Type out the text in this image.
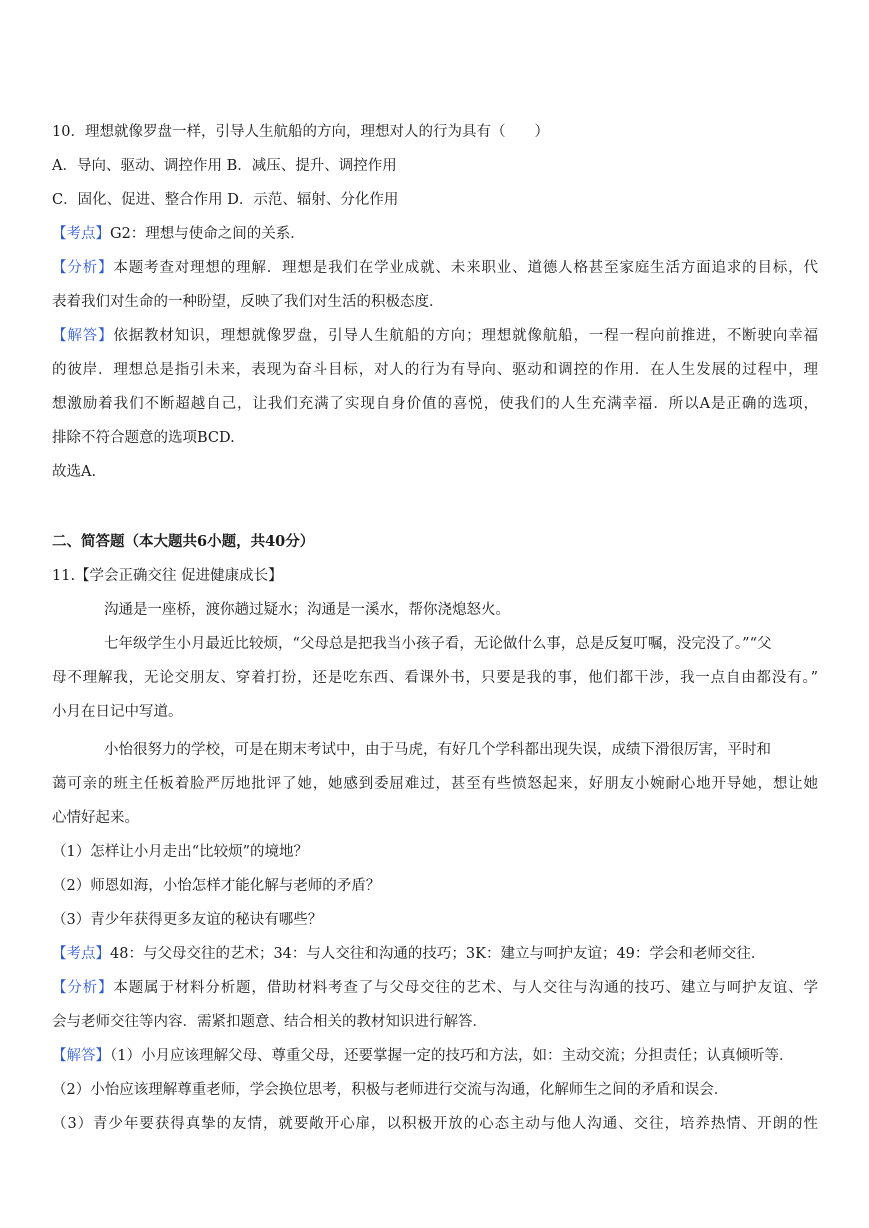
10．理想就像罗盘一样，引导人生航船的方向，理想对人的行为具有（　　）
A．导向、驱动、调控作用 B．减压、提升、调控作用
C．固化、促进、整合作用 D．示范、辐射、分化作用
【考点】G2：理想与使命之间的关系．
【分析】本题考查对理想的理解．理想是我们在学业成就、未来职业、道德人格甚至家庭生活方面追求的目标，代
表着我们对生命的一种盼望，反映了我们对生活的积极态度．
【解答】依据教材知识，理想就像罗盘，引导人生航船的方向；理想就像航船，一程一程向前推进，不断驶向幸福
的彼岸．理想总是指引未来，表现为奋斗目标，对人的行为有导向、驱动和调控的作用．在人生发展的过程中，理
想激励着我们不断超越自己，让我们充满了实现自身价值的喜悦，使我们的人生充满幸福．所以A是正确的选项，
排除不符合题意的选项BCD.
故选A.
二、简答题（本大题共6小题，共40分）
11.【学会正确交往 促进健康成长】
沟通是一座桥，渡你趟过疑水；沟通是一溪水，帮你浇熄怒火。
七年级学生小月最近比较烦，“父母总是把我当小孩子看，无论做什么事，总是反复叮嘱，没完没了。”“父
母不理解我，无论交朋友、穿着打扮，还是吃东西、看课外书，只要是我的事，他们都干涉，我一点自由都没有。”
小月在日记中写道。
小怡很努力的学校，可是在期末考试中，由于马虎，有好几个学科都出现失误，成绩下滑很厉害，平时和
蔼可亲的班主任板着脸严厉地批评了她，她感到委屈难过，甚至有些愤怒起来，好朋友小婉耐心地开导她，想让她
心情好起来。
（1）怎样让小月走出“比较烦”的境地？
（2）师恩如海，小怡怎样才能化解与老师的矛盾？
（3）青少年获得更多友谊的秘诀有哪些？
【考点】48：与父母交往的艺术；34：与人交往和沟通的技巧；3K：建立与呵护友谊；49：学会和老师交往．
【分析】本题属于材料分析题，借助材料考查了与父母交往的艺术、与人交往与沟通的技巧、建立与呵护友谊、学
会与老师交往等内容．需紧扣题意、结合相关的教材知识进行解答．
【解答】（1）小月应该理解父母、尊重父母，还要掌握一定的技巧和方法，如：主动交流；分担责任；认真倾听等．
（2）小怡应该理解尊重老师，学会换位思考，积极与老师进行交流与沟通，化解师生之间的矛盾和误会．
（3）青少年要获得真挚的友情，就要敞开心扉，以积极开放的心态主动与他人沟通、交往，培养热情、开朗的性
